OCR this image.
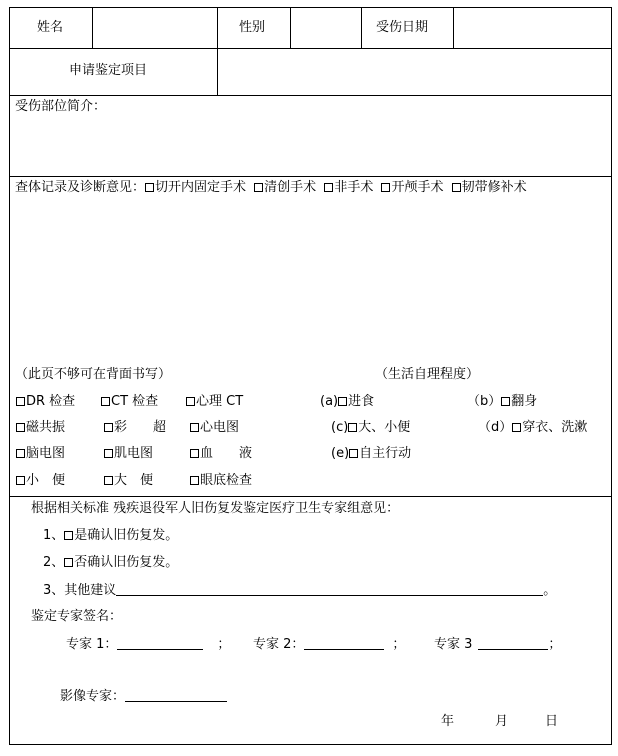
姓名	性别	受伤日期
申请鉴定项目
受伤部位简介：
查体记录及诊断意见： 切开内固定手术 清创手术 非手术 开颅手术 韧带修补术
（此页不够可在背面书写）	（生活自理程度）
DR 检查	CT 检查	心理 CT	(a) 进食	（b） 翻身
磁共振	彩　　超	心电图	(c) 大、小便	（d） 穿衣、洗漱
脑电图	肌电图	血　　液	(e) 自主行动
小　便	大　便	眼底检查
根据相关标准 残疾退役军人旧伤复发鉴定医疗卫生专家组意见：
1、 是确认旧伤复发。
2、 否确认旧伤复发。
3、其他建议	。
鉴定专家签名：
专家 1：	； 专家 2：	； 专家 3	；
影像专家：
年	月	日
